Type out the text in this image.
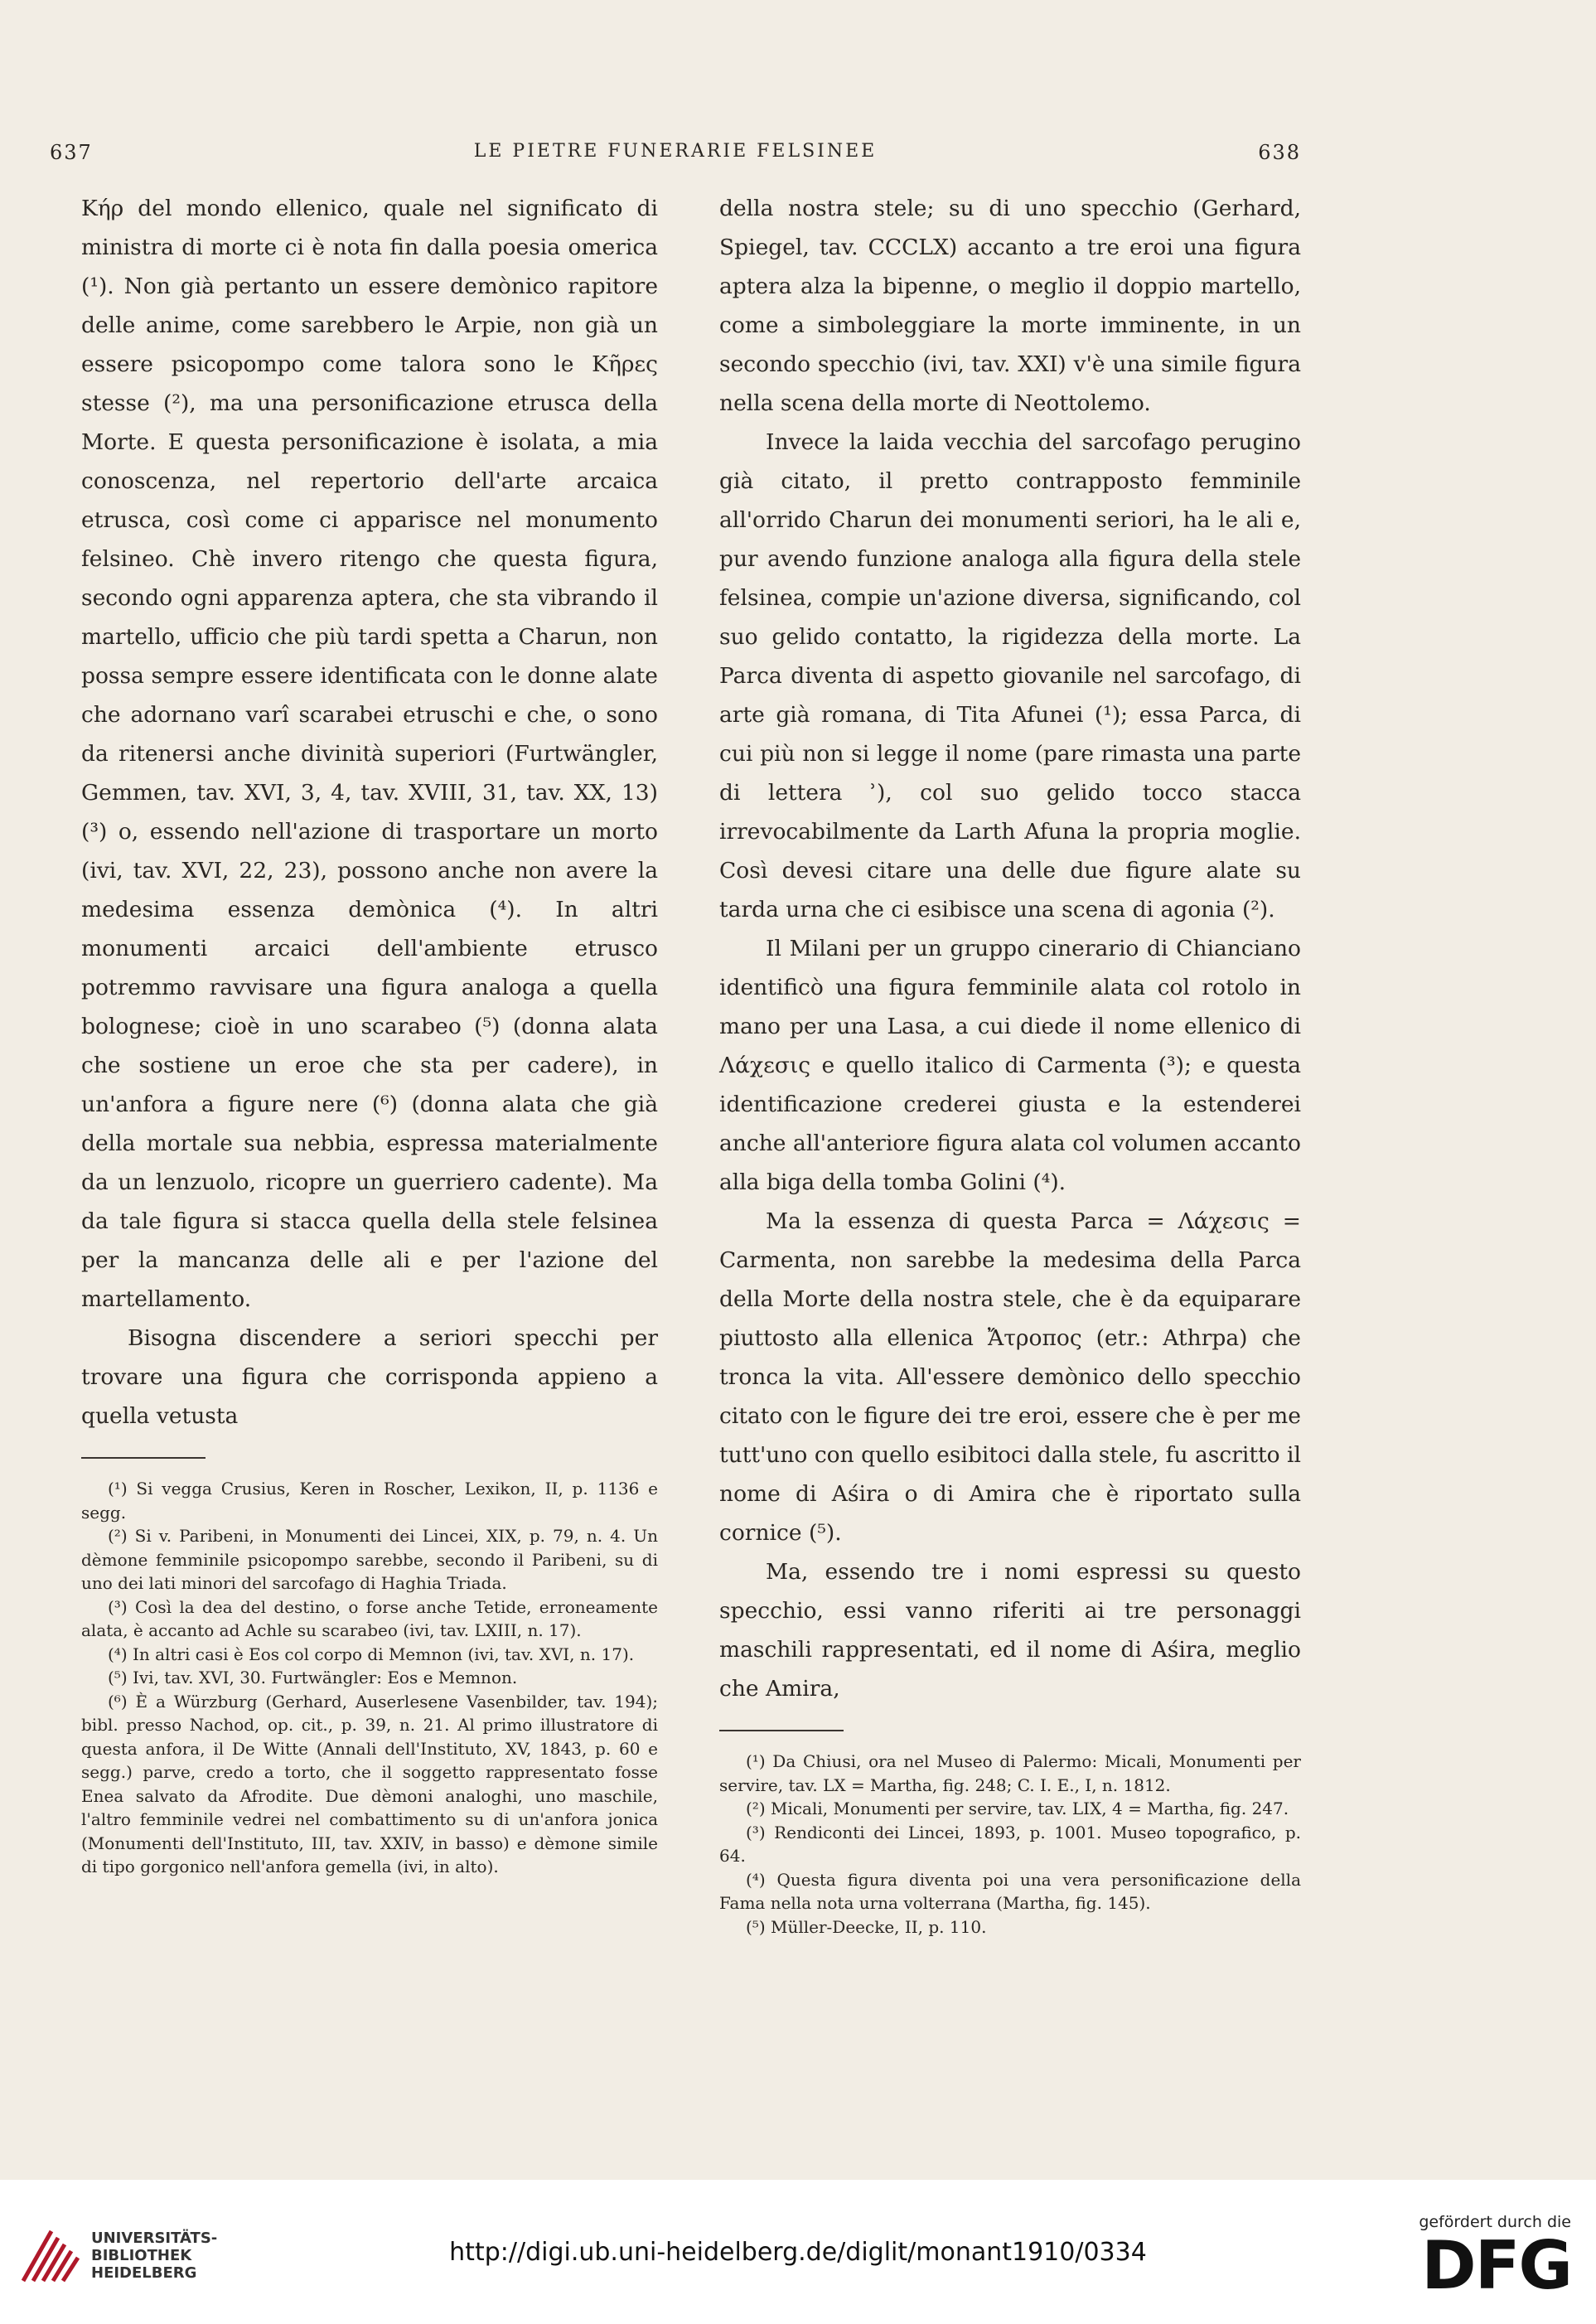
637	LE PIETRE FUNERARIE FELSINEE	638

Κήρ del mondo ellenico, quale nel significato di ministra di morte ci è nota fin dalla poesia omerica (¹). Non già pertanto un essere demònico rapitore delle anime, come sarebbero le Arpie, non già un essere psicopompo come talora sono le Κῆρες stesse (²), ma una personificazione etrusca della Morte. E questa personificazione è isolata, a mia conoscenza, nel repertorio dell'arte arcaica etrusca, così come ci apparisce nel monumento felsineo. Chè invero ritengo che questa figura, secondo ogni apparenza aptera, che sta vibrando il martello, ufficio che più tardi spetta a Charun, non possa sempre essere identificata con le donne alate che adornano varî scarabei etruschi e che, o sono da ritenersi anche divinità superiori (Furtwängler, Gemmen, tav. XVI, 3, 4, tav. XVIII, 31, tav. XX, 13) (³) o, essendo nell'azione di trasportare un morto (ivi, tav. XVI, 22, 23), possono anche non avere la medesima essenza demònica (⁴). In altri monumenti arcaici dell'ambiente etrusco potremmo ravvisare una figura analoga a quella bolognese; cioè in uno scarabeo (⁵) (donna alata che sostiene un eroe che sta per cadere), in un'anfora a figure nere (⁶) (donna alata che già della mortale sua nebbia, espressa materialmente da un lenzuolo, ricopre un guerriero cadente). Ma da tale figura si stacca quella della stele felsinea per la mancanza delle ali e per l'azione del martellamento.

Bisogna discendere a seriori specchi per trovare una figura che corrisponda appieno a quella vetusta

(¹) Si vegga Crusius, Keren in Roscher, Lexikon, II, p. 1136 e segg.

(²) Si v. Paribeni, in Monumenti dei Lincei, XIX, p. 79, n. 4. Un dèmone femminile psicopompo sarebbe, secondo il Paribeni, su di uno dei lati minori del sarcofago di Haghia Triada.

(³) Così la dea del destino, o forse anche Tetide, erroneamente alata, è accanto ad Achle su scarabeo (ivi, tav. LXIII, n. 17).

(⁴) In altri casi è Eos col corpo di Memnon (ivi, tav. XVI, n. 17).

(⁵) Ivi, tav. XVI, 30. Furtwängler: Eos e Memnon.

(⁶) È a Würzburg (Gerhard, Auserlesene Vasenbilder, tav. 194); bibl. presso Nachod, op. cit., p. 39, n. 21. Al primo illustratore di questa anfora, il De Witte (Annali dell'Instituto, XV, 1843, p. 60 e segg.) parve, credo a torto, che il soggetto rappresentato fosse Enea salvato da Afrodite. Due dèmoni analoghi, uno maschile, l'altro femminile vedrei nel combattimento su di un'anfora jonica (Monumenti dell'Instituto, III, tav. XXIV, in basso) e dèmone simile di tipo gorgonico nell'anfora gemella (ivi, in alto).

della nostra stele; su di uno specchio (Gerhard, Spiegel, tav. CCCLX) accanto a tre eroi una figura aptera alza la bipenne, o meglio il doppio martello, come a simboleggiare la morte imminente, in un secondo specchio (ivi, tav. XXI) v'è una simile figura nella scena della morte di Neottolemo.

Invece la laida vecchia del sarcofago perugino già citato, il pretto contrapposto femminile all'orrido Charun dei monumenti seriori, ha le ali e, pur avendo funzione analoga alla figura della stele felsinea, compie un'azione diversa, significando, col suo gelido contatto, la rigidezza della morte. La Parca diventa di aspetto giovanile nel sarcofago, di arte già romana, di Tita Afunei (¹); essa Parca, di cui più non si legge il nome (pare rimasta una parte di lettera ʾ), col suo gelido tocco stacca irrevocabilmente da Larth Afuna la propria moglie. Così devesi citare una delle due figure alate su tarda urna che ci esibisce una scena di agonia (²).

Il Milani per un gruppo cinerario di Chianciano identificò una figura femminile alata col rotolo in mano per una Lasa, a cui diede il nome ellenico di Λάχεσις e quello italico di Carmenta (³); e questa identificazione crederei giusta e la estenderei anche all'anteriore figura alata col volumen accanto alla biga della tomba Golini (⁴).

Ma la essenza di questa Parca = Λάχεσις = Carmenta, non sarebbe la medesima della Parca della Morte della nostra stele, che è da equiparare piuttosto alla ellenica Ἄτροπος (etr.: Athrpa) che tronca la vita. All'essere demònico dello specchio citato con le figure dei tre eroi, essere che è per me tutt'uno con quello esibitoci dalla stele, fu ascritto il nome di Aśira o di Amira che è riportato sulla cornice (⁵).

Ma, essendo tre i nomi espressi su questo specchio, essi vanno riferiti ai tre personaggi maschili rappresentati, ed il nome di Aśira, meglio che Amira,

(¹) Da Chiusi, ora nel Museo di Palermo: Micali, Monumenti per servire, tav. LX = Martha, fig. 248; C. I. E., I, n. 1812.

(²) Micali, Monumenti per servire, tav. LIX, 4 = Martha, fig. 247.

(³) Rendiconti dei Lincei, 1893, p. 1001. Museo topografico, p. 64.

(⁴) Questa figura diventa poi una vera personificazione della Fama nella nota urna volterrana (Martha, fig. 145).

(⁵) Müller-Deecke, II, p. 110.

UNIVERSITÄTS-
BIBLIOTHEK
HEIDELBERG
http://digi.ub.uni-heidelberg.de/diglit/monant1910/0334
gefördert durch die
DFG
